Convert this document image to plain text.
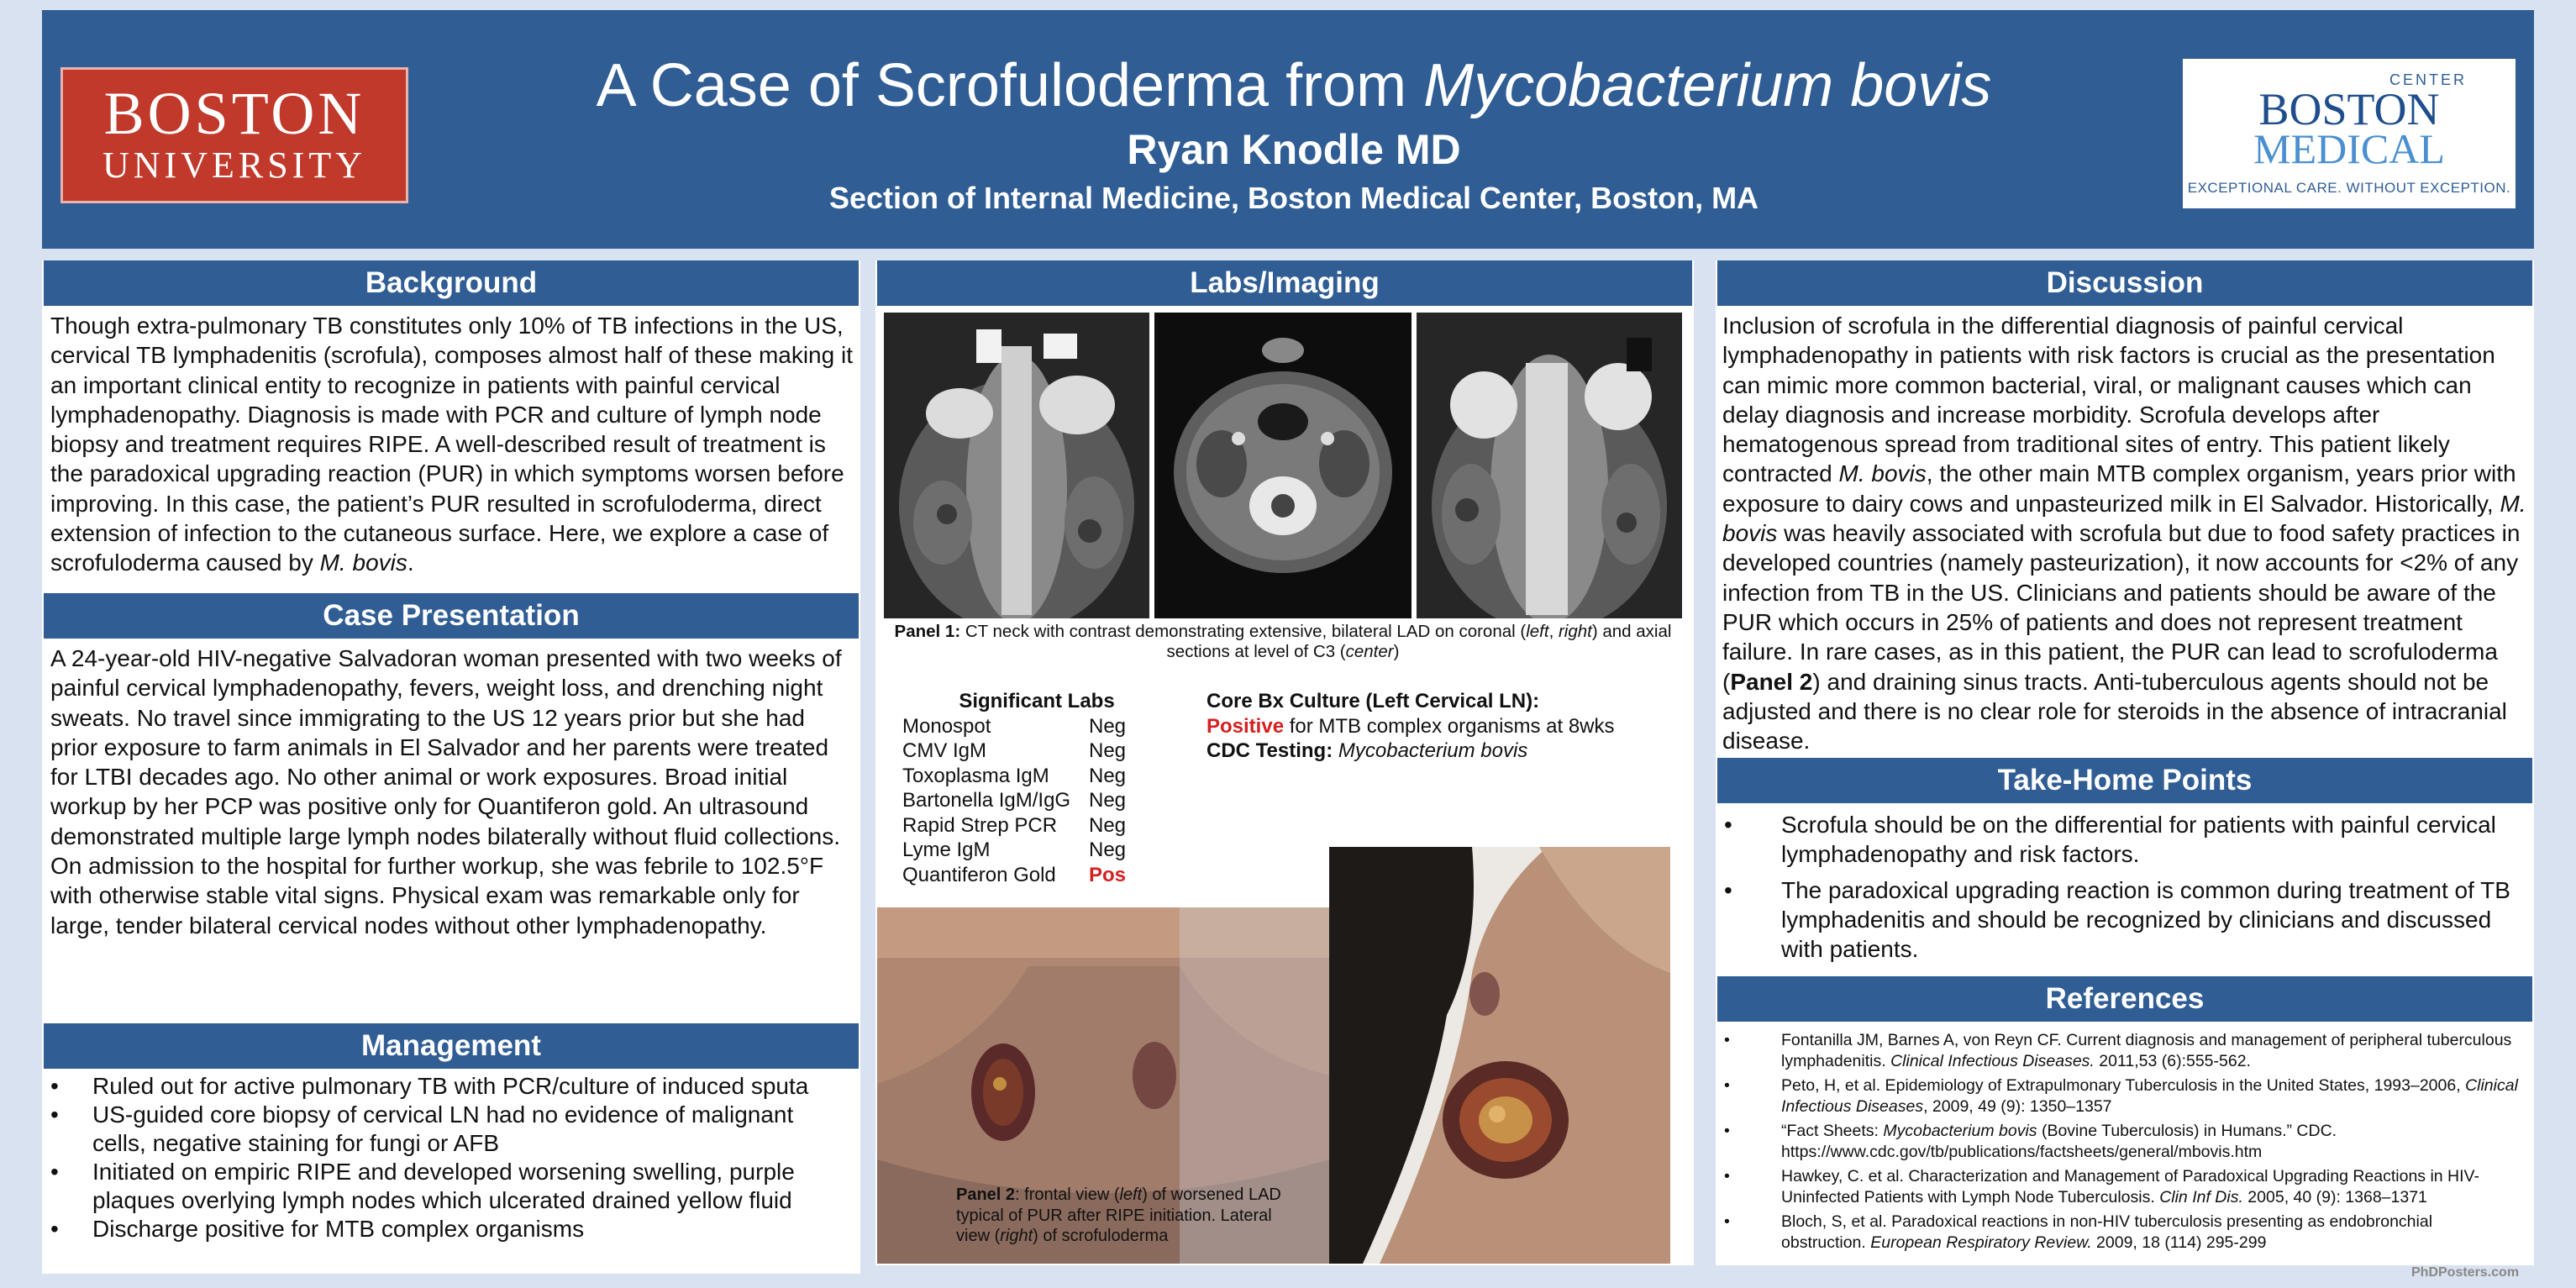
BOSTON
UNIVERSITY
A Case of Scrofuloderma from Mycobacterium bovis
Ryan Knodle MD
Section of Internal Medicine, Boston Medical Center, Boston, MA
CENTER
BOSTON
MEDICAL
EXCEPTIONAL CARE. WITHOUT EXCEPTION.
Background
Though extra-pulmonary TB constitutes only 10% of TB infections in the US, cervical TB lymphadenitis (scrofula), composes almost half of these making it an important clinical entity to recognize in patients with painful cervical lymphadenopathy. Diagnosis is made with PCR and culture of lymph node biopsy and treatment requires RIPE. A well-described result of treatment is the paradoxical upgrading reaction (PUR) in which symptoms worsen before improving. In this case, the patient’s PUR resulted in scrofuloderma, direct extension of infection to the cutaneous surface. Here, we explore a case of scrofuloderma caused by M. bovis.
Case Presentation
A 24-year-old HIV-negative Salvadoran woman presented with two weeks of painful cervical lymphadenopathy, fevers, weight loss, and drenching night sweats. No travel since immigrating to the US 12 years prior but she had prior exposure to farm animals in El Salvador and her parents were treated for LTBI decades ago. No other animal or work exposures. Broad initial workup by her PCP was positive only for Quantiferon gold. An ultrasound demonstrated multiple large lymph nodes bilaterally without fluid collections. On admission to the hospital for further workup, she was febrile to 102.5°F with otherwise stable vital signs. Physical exam was remarkable only for large, tender bilateral cervical nodes without other lymphadenopathy.
Management
• Ruled out for active pulmonary TB with PCR/culture of induced sputa
• US-guided core biopsy of cervical LN had no evidence of malignant cells, negative staining for fungi or AFB
• Initiated on empiric RIPE and developed worsening swelling, purple plaques overlying lymph nodes which ulcerated drained yellow fluid
• Discharge positive for MTB complex organisms
Labs/Imaging
Panel 1: CT neck with contrast demonstrating extensive, bilateral LAD on coronal (left, right) and axial sections at level of C3 (center)
Significant Labs
Monospot	Neg
CMV IgM	Neg
Toxoplasma IgM Neg
Bartonella IgM/IgG Neg
Rapid Strep PCR Neg
Lyme IgM	Neg
Quantiferon Gold Pos
Core Bx Culture (Left Cervical LN):
Positive for MTB complex organisms at 8wks
CDC Testing: Mycobacterium bovis
Panel 2: frontal view (left) of worsened LAD typical of PUR after RIPE initiation. Lateral view (right) of scrofuloderma
Discussion
Inclusion of scrofula in the differential diagnosis of painful cervical lymphadenopathy in patients with risk factors is crucial as the presentation can mimic more common bacterial, viral, or malignant causes which can delay diagnosis and increase morbidity. Scrofula develops after hematogenous spread from traditional sites of entry. This patient likely contracted M. bovis, the other main MTB complex organism, years prior with exposure to dairy cows and unpasteurized milk in El Salvador. Historically, M. bovis was heavily associated with scrofula but due to food safety practices in developed countries (namely pasteurization), it now accounts for <2% of any infection from TB in the US. Clinicians and patients should be aware of the PUR which occurs in 25% of patients and does not represent treatment failure. In rare cases, as in this patient, the PUR can lead to scrofuloderma (Panel 2) and draining sinus tracts. Anti-tuberculous agents should not be adjusted and there is no clear role for steroids in the absence of intracranial disease.
Take-Home Points
• Scrofula should be on the differential for patients with painful cervical lymphadenopathy and risk factors.
• The paradoxical upgrading reaction is common during treatment of TB lymphadenitis and should be recognized by clinicians and discussed with patients.
References
• Fontanilla JM, Barnes A, von Reyn CF. Current diagnosis and management of peripheral tuberculous lymphadenitis. Clinical Infectious Diseases. 2011,53 (6):555-562.
• Peto, H, et al. Epidemiology of Extrapulmonary Tuberculosis in the United States, 1993–2006, Clinical Infectious Diseases, 2009, 49 (9): 1350–1357
• “Fact Sheets: Mycobacterium bovis (Bovine Tuberculosis) in Humans.” CDC. https://www.cdc.gov/tb/publications/factsheets/general/mbovis.htm
• Hawkey, C. et al. Characterization and Management of Paradoxical Upgrading Reactions in HIV-Uninfected Patients with Lymph Node Tuberculosis. Clin Inf Dis. 2005, 40 (9): 1368–1371
• Bloch, S, et al. Paradoxical reactions in non-HIV tuberculosis presenting as endobronchial obstruction. European Respiratory Review. 2009, 18 (114) 295-299
PhDPosters.com
